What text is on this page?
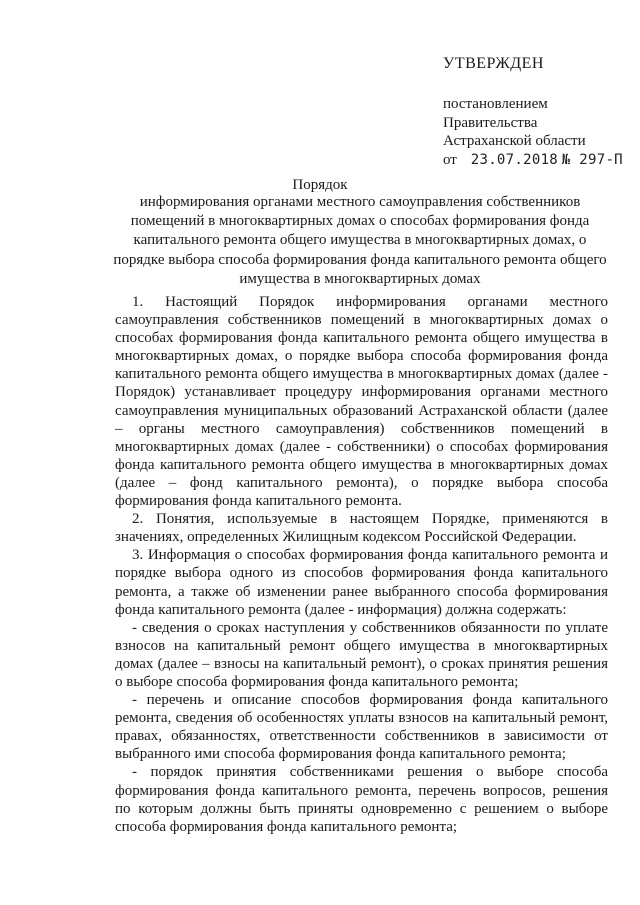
УТВЕРЖДЕН
постановлением
Правительства
Астраханской области
от 23.07.2018 № 297-П
Порядок
информирования органами местного самоуправления собственников помещений в многоквартирных домах о способах формирования фонда капитального ремонта общего имущества в многоквартирных домах, о порядке выбора способа формирования фонда капитального ремонта общего имущества в многоквартирных домах

1. Настоящий Порядок информирования органами местного самоуправления собственников помещений в многоквартирных домах о способах формирования фонда капитального ремонта общего имущества в многоквартирных домах, о порядке выбора способа формирования фонда капитального ремонта общего имущества в многоквартирных домах (далее - Порядок) устанавливает процедуру информирования органами местного самоуправления муниципальных образований Астраханской области (далее – органы местного самоуправления) собственников помещений в многоквартирных домах (далее - собственники) о способах формирования фонда капитального ремонта общего имущества в многоквартирных домах (далее – фонд капитального ремонта), о порядке выбора способа формирования фонда капитального ремонта.

2. Понятия, используемые в настоящем Порядке, применяются в значениях, определенных Жилищным кодексом Российской Федерации.

3. Информация о способах формирования фонда капитального ремонта и порядке выбора одного из способов формирования фонда капитального ремонта, а также об изменении ранее выбранного способа формирования фонда капитального ремонта (далее - информация) должна содержать:

- сведения о сроках наступления у собственников обязанности по уплате взносов на капитальный ремонт общего имущества в многоквартирных домах (далее – взносы на капитальный ремонт), о сроках принятия решения о выборе способа формирования фонда капитального ремонта;

- перечень и описание способов формирования фонда капитального ремонта, сведения об особенностях уплаты взносов на капитальный ремонт, правах, обязанностях, ответственности собственников в зависимости от выбранного ими способа формирования фонда капитального ремонта;

- порядок принятия собственниками решения о выборе способа формирования фонда капитального ремонта, перечень вопросов, решения по которым должны быть приняты одновременно с решением о выборе способа формирования фонда капитального ремонта;
